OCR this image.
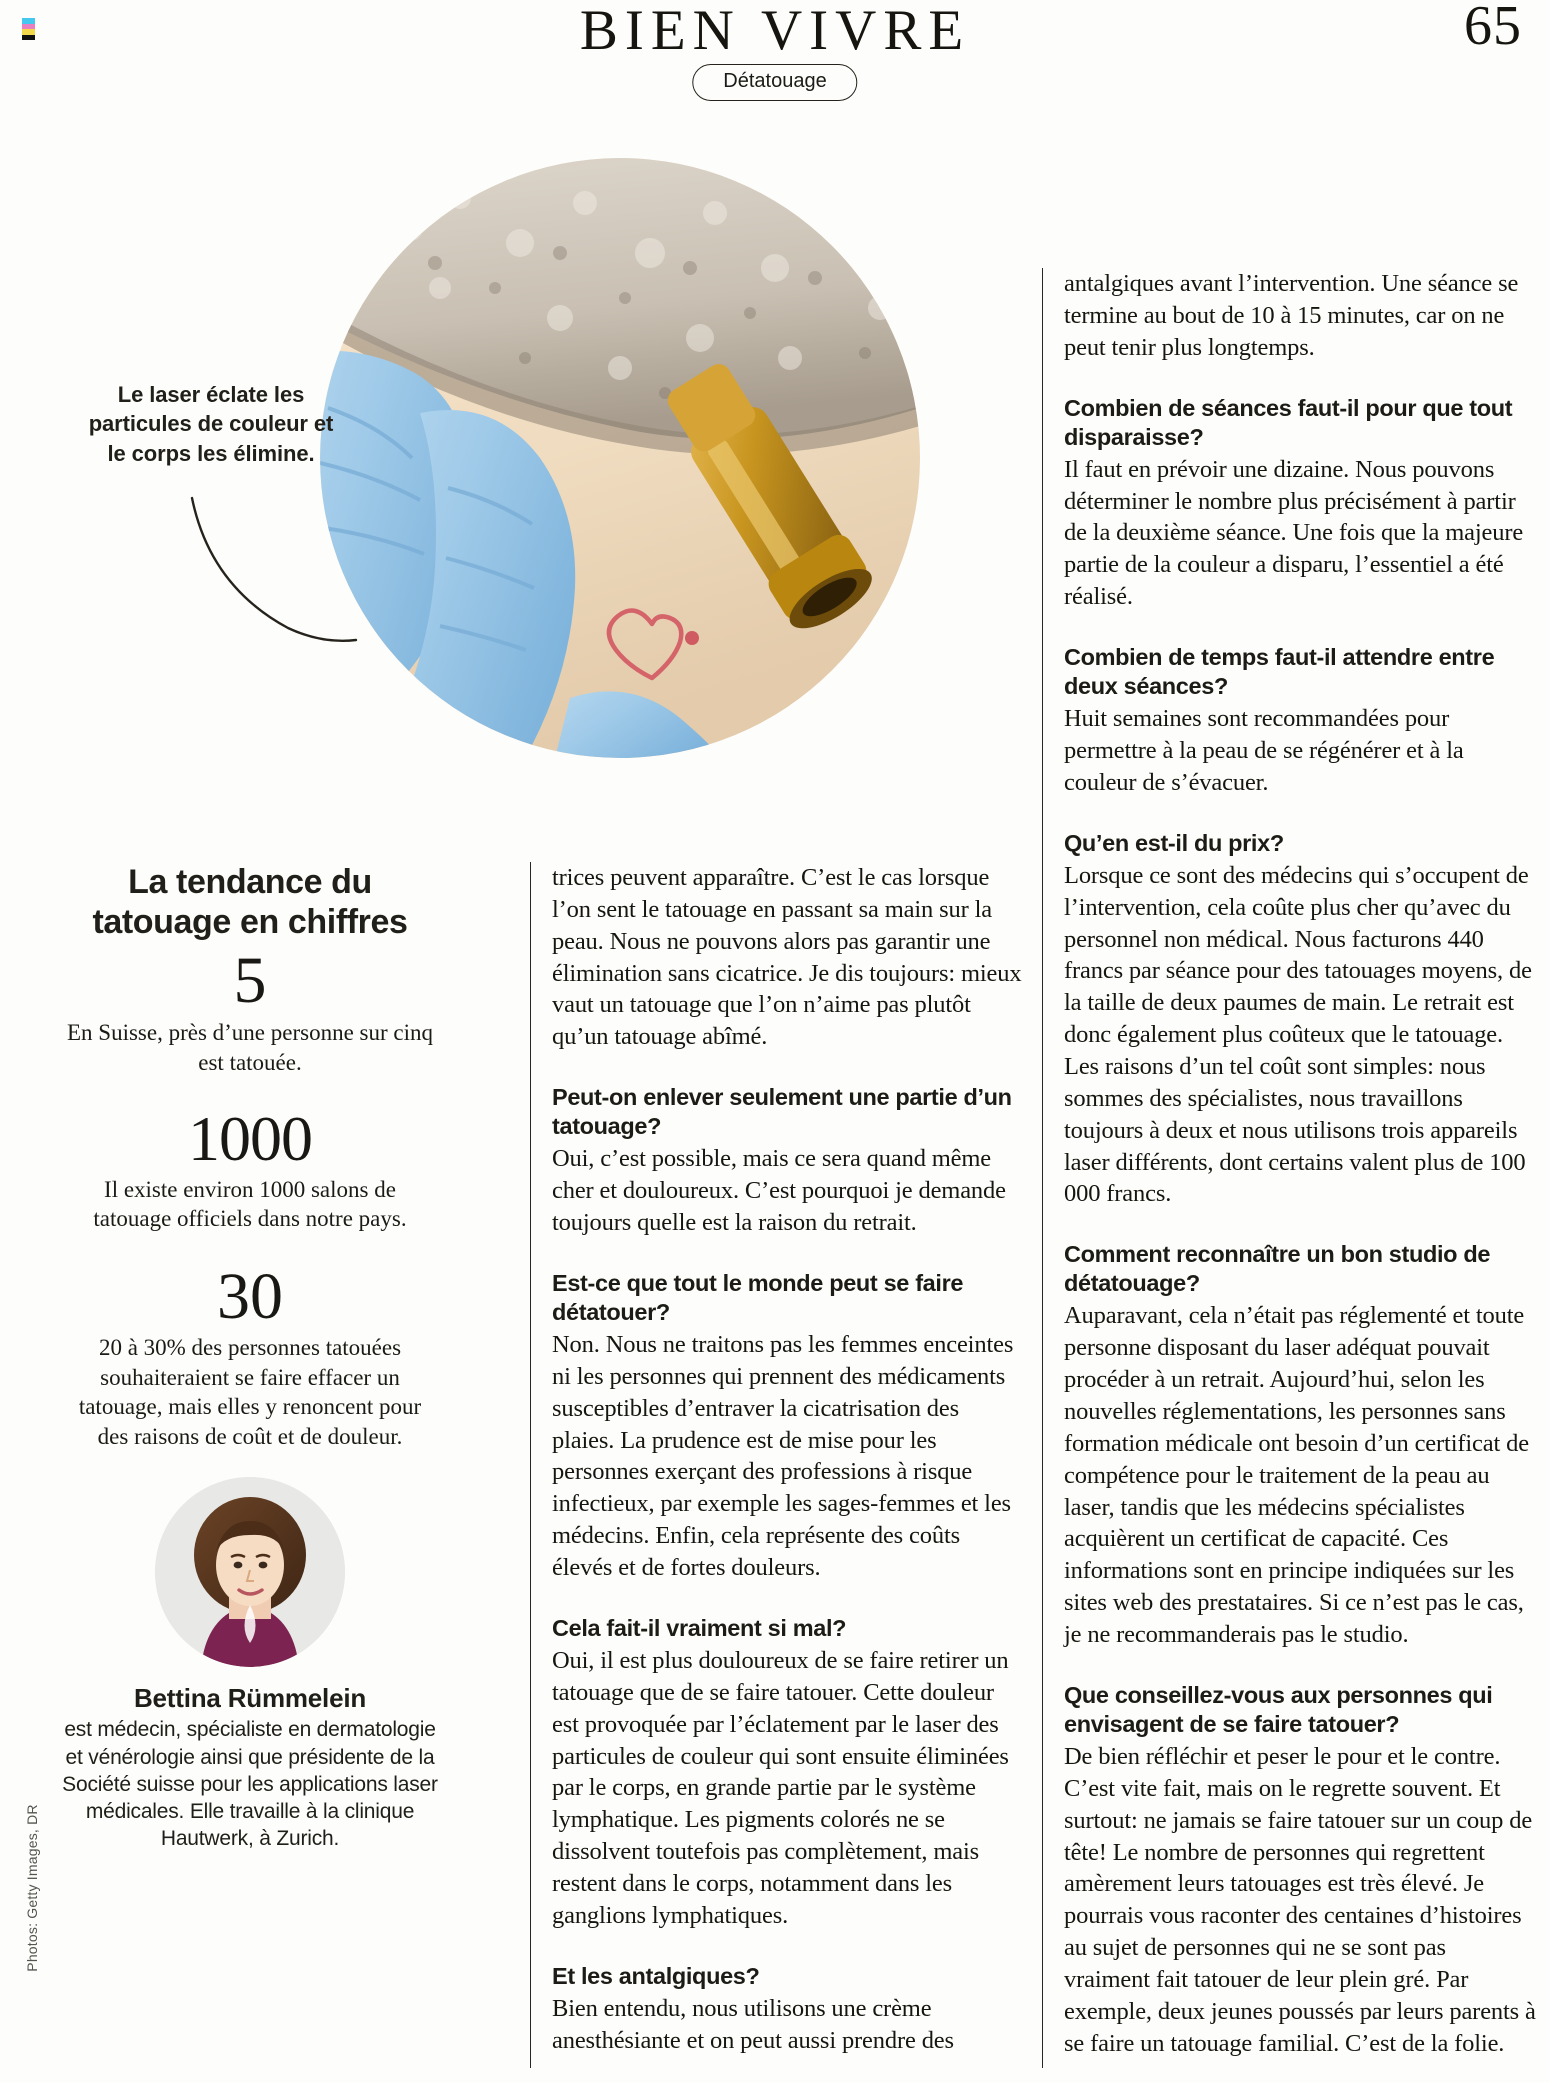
BIEN VIVRE	65
Détatouage
Le laser éclate les particules de couleur et le corps les élimine.
Photos: Getty Images, DR
La tendance du tatouage en chiffres
5
En Suisse, près d’une personne sur cinq est tatouée.
1000
Il existe environ 1000 salons de tatouage officiels dans notre pays.
30
20 à 30% des personnes tatouées souhaiteraient se faire effacer un tatouage, mais elles y renoncent pour des raisons de coût et de douleur.
Bettina Rümmelein
est médecin, spécialiste en dermatologie et vénérologie ainsi que présidente de la Société suisse pour les applications laser médicales. Elle travaille à la clinique Hautwerk, à Zurich.

trices peuvent apparaître. C’est le cas lorsque l’on sent le tatouage en passant sa main sur la peau. Nous ne pouvons alors pas garantir une élimination sans cicatrice. Je dis toujours: mieux vaut un tatouage que l’on n’aime pas plutôt qu’un tatouage abîmé.

Peut-on enlever seulement une partie d’un tatouage?

Oui, c’est possible, mais ce sera quand même cher et douloureux. C’est pourquoi je demande toujours quelle est la raison du retrait.

Est-ce que tout le monde peut se faire détatouer?

Non. Nous ne traitons pas les femmes enceintes ni les personnes qui prennent des médicaments susceptibles d’entraver la cicatrisation des plaies. La prudence est de mise pour les personnes exerçant des professions à risque infectieux, par exemple les sages-femmes et les médecins. Enfin, cela représente des coûts élevés et de fortes douleurs.

Cela fait-il vraiment si mal?

Oui, il est plus douloureux de se faire retirer un tatouage que de se faire tatouer. Cette douleur est provoquée par l’éclatement par le laser des particules de couleur qui sont ensuite éliminées par le corps, en grande partie par le système lymphatique. Les pigments colorés ne se dissolvent toutefois pas complètement, mais restent dans le corps, notamment dans les ganglions lymphatiques.

Et les antalgiques?

Bien entendu, nous utilisons une crème anesthésiante et on peut aussi prendre des

antalgiques avant l’intervention. Une séance se termine au bout de 10 à 15 minutes, car on ne peut tenir plus longtemps.

Combien de séances faut-il pour que tout disparaisse?

Il faut en prévoir une dizaine. Nous pouvons déterminer le nombre plus précisément à partir de la deuxième séance. Une fois que la majeure partie de la couleur a disparu, l’essentiel a été réalisé.

Combien de temps faut-il attendre entre deux séances?

Huit semaines sont recommandées pour permettre à la peau de se régénérer et à la couleur de s’évacuer.

Qu’en est-il du prix?

Lorsque ce sont des médecins qui s’occupent de l’intervention, cela coûte plus cher qu’avec du personnel non médical. Nous facturons 440 francs par séance pour des tatouages moyens, de la taille de deux paumes de main. Le retrait est donc également plus coûteux que le tatouage. Les raisons d’un tel coût sont simples: nous sommes des spécialistes, nous travaillons toujours à deux et nous utilisons trois appareils laser différents, dont certains valent plus de 100 000 francs.

Comment reconnaître un bon studio de détatouage?

Auparavant, cela n’était pas réglementé et toute personne disposant du laser adéquat pouvait procéder à un retrait. Aujourd’hui, selon les nouvelles réglementations, les personnes sans formation médicale ont besoin d’un certificat de compétence pour le traitement de la peau au laser, tandis que les médecins spécialistes acquièrent un certificat de capacité. Ces informations sont en principe indiquées sur les sites web des prestataires. Si ce n’est pas le cas, je ne recommanderais pas le studio.

Que conseillez-vous aux personnes qui envisagent de se faire tatouer?

De bien réfléchir et peser le pour et le contre. C’est vite fait, mais on le regrette souvent. Et surtout: ne jamais se faire tatouer sur un coup de tête! Le nombre de personnes qui regrettent amèrement leurs tatouages est très élevé. Je pourrais vous raconter des centaines d’histoires au sujet de personnes qui ne se sont pas vraiment fait tatouer de leur plein gré. Par exemple, deux jeunes poussés par leurs parents à se faire un tatouage familial. C’est de la folie.
